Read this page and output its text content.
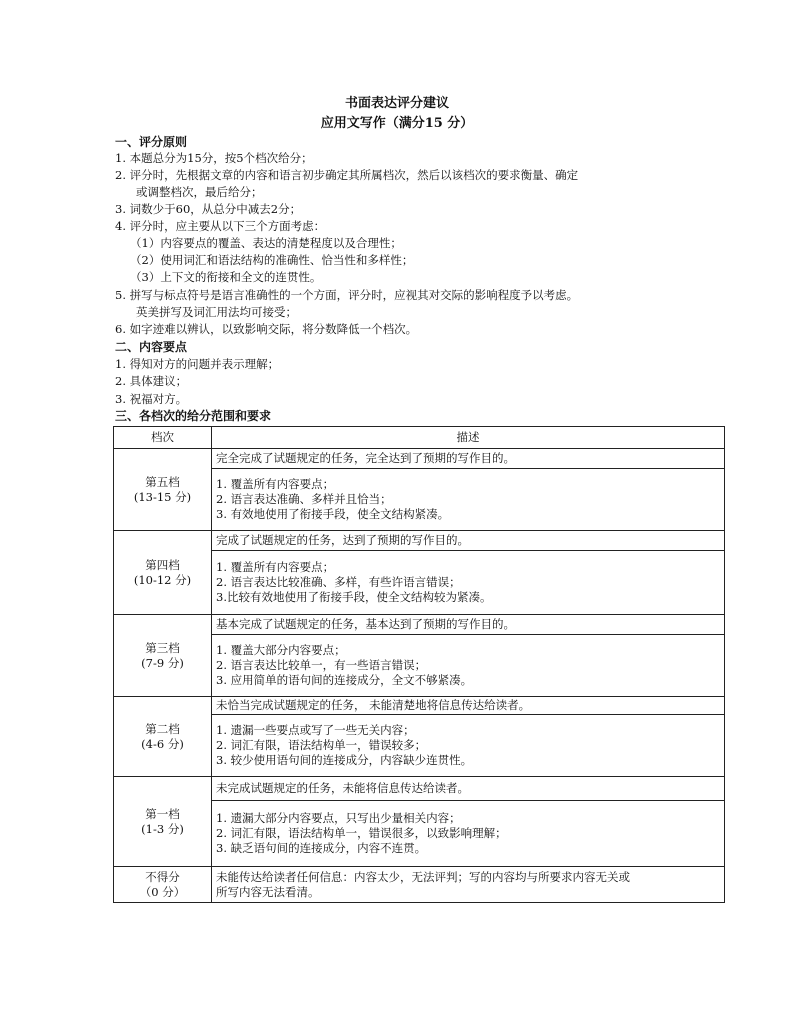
书面表达评分建议
应用文写作（满分15 分）
一、评分原则
1. 本题总分为15分，按5个档次给分；
2. 评分时，先根据文章的内容和语言初步确定其所属档次，然后以该档次的要求衡量、确定
或调整档次，最后给分；
3. 词数少于60，从总分中减去2分；
4. 评分时，应主要从以下三个方面考虑：
（1）内容要点的覆盖、表达的清楚程度以及合理性；
（2）使用词汇和语法结构的准确性、恰当性和多样性；
（3）上下文的衔接和全文的连贯性。
5. 拼写与标点符号是语言准确性的一个方面，评分时，应视其对交际的影响程度予以考虑。
英美拼写及词汇用法均可接受；
6. 如字迹难以辨认，以致影响交际，将分数降低一个档次。
二、内容要点
1. 得知对方的问题并表示理解；
2. 具体建议；
3. 祝福对方。
三、各档次的给分范围和要求
档次	描述

第五档
(13-15 分)	完全完成了试题规定的任务，完全达到了预期的写作目的。

	1. 覆盖所有内容要点；
2. 语言表达准确、多样并且恰当；
3. 有效地使用了衔接手段，使全文结构紧凑。

第四档
(10-12 分)	完成了试题规定的任务，达到了预期的写作目的。

	1. 覆盖所有内容要点；
2. 语言表达比较准确、多样，有些许语言错误；
3.比较有效地使用了衔接手段，使全文结构较为紧凑。

第三档
(7-9 分)	基本完成了试题规定的任务，基本达到了预期的写作目的。

	1. 覆盖大部分内容要点；
2. 语言表达比较单一，有一些语言错误；
3. 应用简单的语句间的连接成分，全文不够紧凑。

第二档
(4-6 分)	未恰当完成试题规定的任务， 未能清楚地将信息传达给读者。

	1. 遗漏一些要点或写了一些无关内容；
2. 词汇有限，语法结构单一，错误较多；
3. 较少使用语句间的连接成分，内容缺少连贯性。

第一档
(1-3 分)	未完成试题规定的任务，未能将信息传达给读者。

	1. 遗漏大部分内容要点，只写出少量相关内容；
2. 词汇有限，语法结构单一，错误很多，以致影响理解；
3. 缺乏语句间的连接成分，内容不连贯。

不得分
（0 分）	未能传达给读者任何信息：内容太少，无法评判；写的内容均与所要求内容无关或
所写内容无法看清。
